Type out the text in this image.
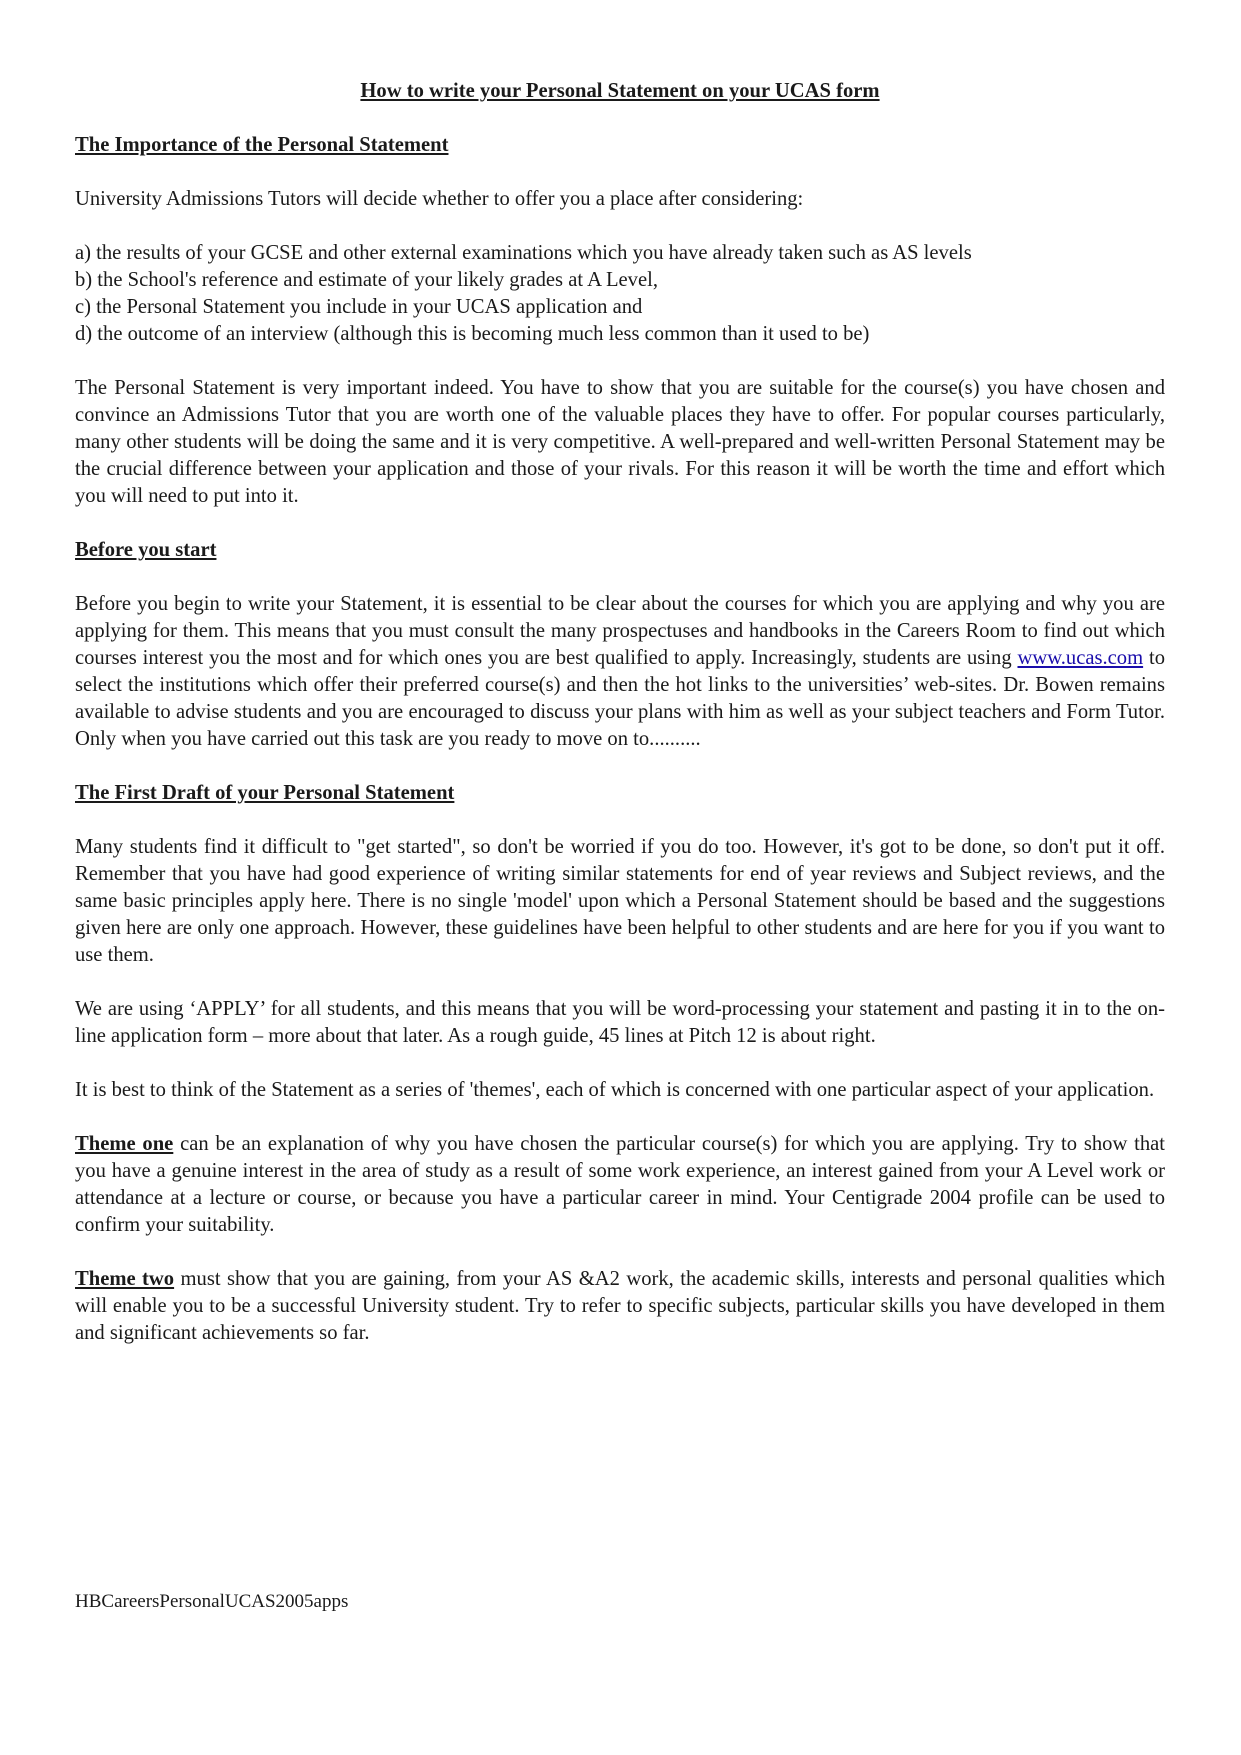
How to write your Personal Statement on your UCAS form

The Importance of the Personal Statement

University Admissions Tutors will decide whether to offer you a place after considering:

a) the results of your GCSE and other external examinations which you have already taken such as AS levels

b) the School's reference and estimate of your likely grades at A Level,

c) the Personal Statement you include in your UCAS application and

d) the outcome of an interview (although this is becoming much less common than it used to be)

The Personal Statement is very important indeed. You have to show that you are suitable for the course(s) you have chosen and convince an Admissions Tutor that you are worth one of the valuable places they have to offer. For popular courses particularly, many other students will be doing the same and it is very competitive. A well-prepared and well-written Personal Statement may be the crucial difference between your application and those of your rivals. For this reason it will be worth the time and effort which you will need to put into it.

Before you start

Before you begin to write your Statement, it is essential to be clear about the courses for which you are applying and why you are applying for them. This means that you must consult the many prospectuses and handbooks in the Careers Room to find out which courses interest you the most and for which ones you are best qualified to apply. Increasingly, students are using www.ucas.com to select the institutions which offer their preferred course(s) and then the hot links to the universities’ web-sites. Dr. Bowen remains available to advise students and you are encouraged to discuss your plans with him as well as your subject teachers and Form Tutor. Only when you have carried out this task are you ready to move on to..........

The First Draft of your Personal Statement

Many students find it difficult to "get started", so don't be worried if you do too. However, it's got to be done, so don't put it off. Remember that you have had good experience of writing similar statements for end of year reviews and Subject reviews, and the same basic principles apply here. There is no single 'model' upon which a Personal Statement should be based and the suggestions given here are only one approach. However, these guidelines have been helpful to other students and are here for you if you want to use them.

We are using ‘APPLY’ for all students, and this means that you will be word-processing your statement and pasting it in to the on-line application form – more about that later. As a rough guide, 45 lines at Pitch 12 is about right.

It is best to think of the Statement as a series of 'themes', each of which is concerned with one particular aspect of your application.

Theme one can be an explanation of why you have chosen the particular course(s) for which you are applying. Try to show that you have a genuine interest in the area of study as a result of some work experience, an interest gained from your A Level work or attendance at a lecture or course, or because you have a particular career in mind. Your Centigrade 2004 profile can be used to confirm your suitability.

Theme two must show that you are gaining, from your AS &A2 work, the academic skills, interests and personal qualities which will enable you to be a successful University student. Try to refer to specific subjects, particular skills you have developed in them and significant achievements so far.

HBCareersPersonalUCAS2005apps
